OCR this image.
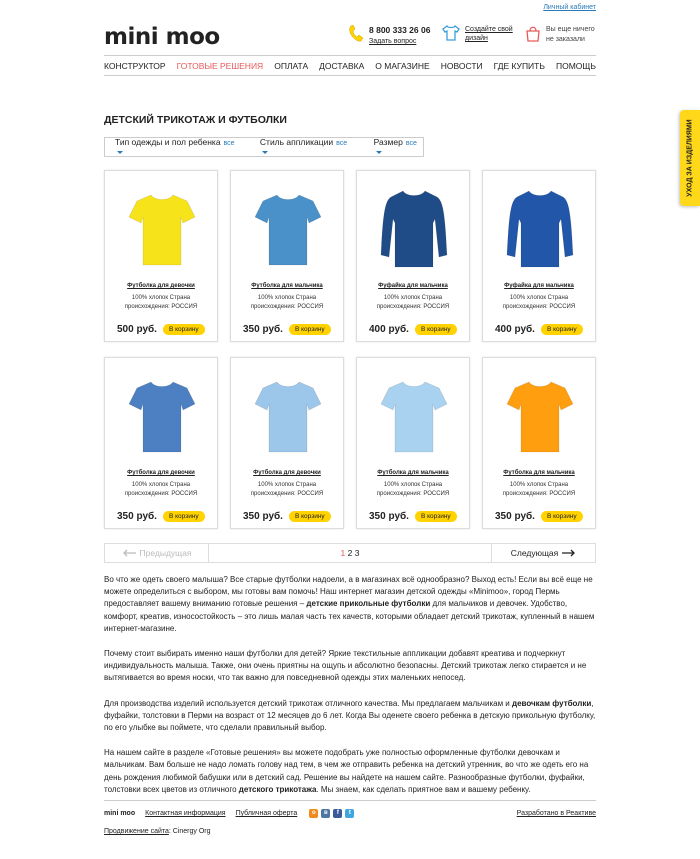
Личный кабинет
mini moo	8 800 333 26 06
Задать вопрос
Создайте свой
дизайн
Вы еще ничего
не заказали
КОНСТРУКТОР ГОТОВЫЕ РЕШЕНИЯ ОПЛАТА ДОСТАВКА О МАГАЗИНЕ НОВОСТИ ГДЕ КУПИТЬ ПОМОЩЬ
УХОД ЗА ИЗДЕЛИЯМИ
ДЕТСКИЙ ТРИКОТАЖ И ФУТБОЛКИ
Тип одежды и пол ребенка все	Стиль аппликации все	Размер все
Футболка для девочки
100% хлопок Страна происхождения: РОССИЯ
500 руб.	В корзину
Футболка для мальчика
100% хлопок Страна происхождения: РОССИЯ
350 руб.	В корзину
Фуфайка для мальчика
100% хлопок Страна происхождения: РОССИЯ
400 руб.	В корзину
Фуфайка для мальчика
100% хлопок Страна происхождения: РОССИЯ
400 руб.	В корзину
Футболка для девочки
100% хлопок Страна происхождения: РОССИЯ
350 руб.	В корзину
Футболка для девочки
100% хлопок Страна происхождения: РОССИЯ
350 руб.	В корзину
Футболка для мальчика
100% хлопок Страна происхождения: РОССИЯ
350 руб.	В корзину
Футболка для мальчика
100% хлопок Страна происхождения: РОССИЯ
350 руб.	В корзину
Предыдущая	1 2 3	Следующая

Во что же одеть своего малыша? Все старые футболки надоели, а в магазинах всё однообразно? Выход есть! Если вы всё еще не можете определиться с выбором, мы готовы вам помочь! Наш интернет магазин детской одежды «Minimoo», город Пермь предоставляет вашему вниманию готовые решения – детские прикольные футболки для мальчиков и девочек. Удобство, комфорт, креатив, износостойкость – это лишь малая часть тех качеств, которыми обладает детский трикотаж, купленный в нашем интернет-магазине.

Почему стоит выбирать именно наши футболки для детей? Яркие текстильные аппликации добавят креатива и подчеркнут индивидуальность малыша. Также, они очень приятны на ощупь и абсолютно безопасны. Детский трикотаж легко стирается и не вытягивается во время носки, что так важно для повседневной одежды этих маленьких непосед.

Для производства изделий используется детский трикотаж отличного качества. Мы предлагаем мальчикам и девочкам футболки, фуфайки, толстовки в Перми на возраст от 12 месяцев до 6 лет. Когда Вы оденете своего ребенка в детскую прикольную футболку, по его улыбке вы поймете, что сделали правильный выбор.

На нашем сайте в разделе «Готовые решения» вы можете подобрать уже полностью оформленные футболки девочкам и мальчикам. Вам больше не надо ломать голову над тем, в чем же отправить ребенка на детский утренник, во что же одеть его на день рождения любимой бабушки или в детский сад. Решение вы найдете на нашем сайте. Разнообразные футболки, фуфайки, толстовки всех цветов из отличного детского трикотажа. Мы знаем, как сделать приятное вам и вашему ребенку.

mini moo Контактная информация Публичная оферта	о в f t	Разработано в Реактиве
Продвижение сайта: Cinergy Org
